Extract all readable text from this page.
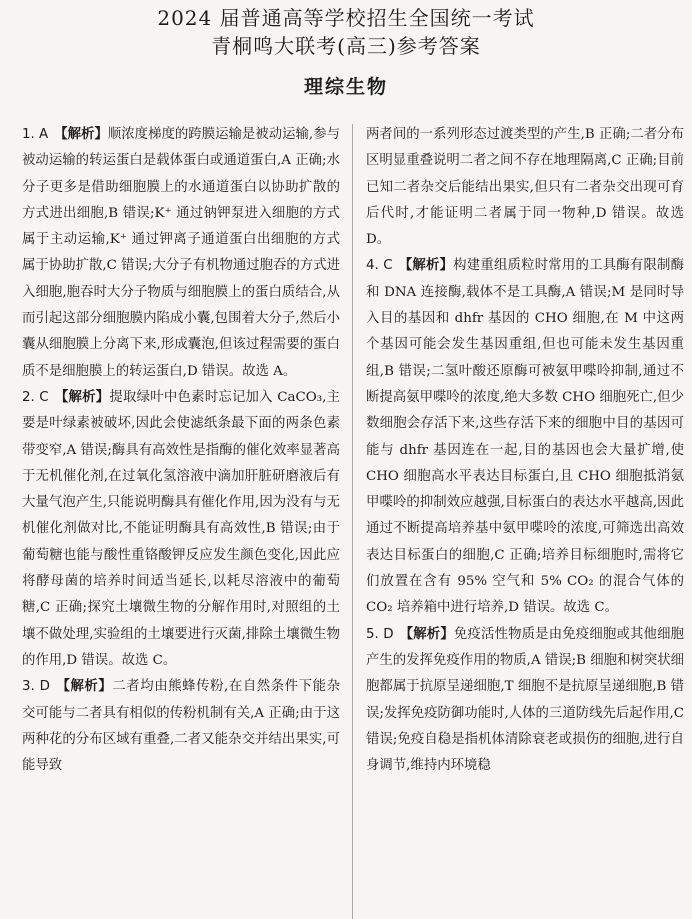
2024 届普通高等学校招生全国统一考试
青桐鸣大联考(高三)参考答案
理综生物

1. A 【解析】顺浓度梯度的跨膜运输是被动运输,参与被动运输的转运蛋白是载体蛋白或通道蛋白,A 正确;水分子更多是借助细胞膜上的水通道蛋白以协助扩散的方式进出细胞,B 错误;K⁺ 通过钠钾泵进入细胞的方式属于主动运输,K⁺ 通过钾离子通道蛋白出细胞的方式属于协助扩散,C 错误;大分子有机物通过胞吞的方式进入细胞,胞吞时大分子物质与细胞膜上的蛋白质结合,从而引起这部分细胞膜内陷成小囊,包围着大分子,然后小囊从细胞膜上分离下来,形成囊泡,但该过程需要的蛋白质不是细胞膜上的转运蛋白,D 错误。故选 A。

2. C 【解析】提取绿叶中色素时忘记加入 CaCO₃,主要是叶绿素被破坏,因此会使滤纸条最下面的两条色素带变窄,A 错误;酶具有高效性是指酶的催化效率显著高于无机催化剂,在过氧化氢溶液中滴加肝脏研磨液后有大量气泡产生,只能说明酶具有催化作用,因为没有与无机催化剂做对比,不能证明酶具有高效性,B 错误;由于葡萄糖也能与酸性重铬酸钾反应发生颜色变化,因此应将酵母菌的培养时间适当延长,以耗尽溶液中的葡萄糖,C 正确;探究土壤微生物的分解作用时,对照组的土壤不做处理,实验组的土壤要进行灭菌,排除土壤微生物的作用,D 错误。故选 C。

3. D 【解析】二者均由熊蜂传粉,在自然条件下能杂交可能与二者具有相似的传粉机制有关,A 正确;由于这两种花的分布区域有重叠,二者又能杂交并结出果实,可能导致

两者间的一系列形态过渡类型的产生,B 正确;二者分布区明显重叠说明二者之间不存在地理隔离,C 正确;目前已知二者杂交后能结出果实,但只有二者杂交出现可育后代时,才能证明二者属于同一物种,D 错误。故选 D。

4. C 【解析】构建重组质粒时常用的工具酶有限制酶和 DNA 连接酶,载体不是工具酶,A 错误;M 是同时导入目的基因和 dhfr 基因的 CHO 细胞,在 M 中这两个基因可能会发生基因重组,但也可能未发生基因重组,B 错误;二氢叶酸还原酶可被氨甲喋呤抑制,通过不断提高氨甲喋呤的浓度,绝大多数 CHO 细胞死亡,但少数细胞会存活下来,这些存活下来的细胞中目的基因可能与 dhfr 基因连在一起,目的基因也会大量扩增,使 CHO 细胞高水平表达目标蛋白,且 CHO 细胞抵消氨甲喋呤的抑制效应越强,目标蛋白的表达水平越高,因此通过不断提高培养基中氨甲喋呤的浓度,可筛选出高效表达目标蛋白的细胞,C 正确;培养目标细胞时,需将它们放置在含有 95% 空气和 5% CO₂ 的混合气体的 CO₂ 培养箱中进行培养,D 错误。故选 C。

5. D 【解析】免疫活性物质是由免疫细胞或其他细胞产生的发挥免疫作用的物质,A 错误;B 细胞和树突状细胞都属于抗原呈递细胞,T 细胞不是抗原呈递细胞,B 错误;发挥免疫防御功能时,人体的三道防线先后起作用,C 错误;免疫自稳是指机体清除衰老或损伤的细胞,进行自身调节,维持内环境稳
